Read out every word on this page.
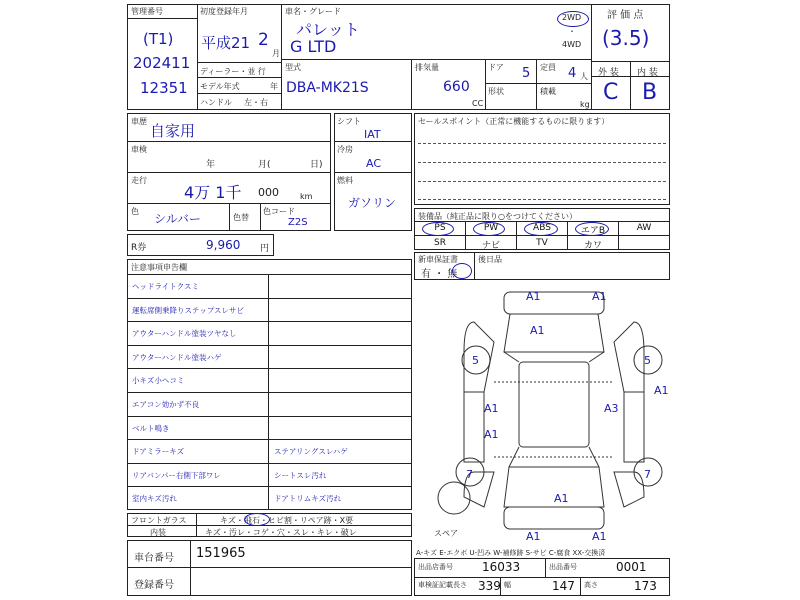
管理番号
(T1)
202411
12351
初度登録年月
平成21 2
月
ディーラー・並 行
モデル年式	年
ハンドル 左・右
車名・グレード
パレット
G LTD
2WD
・
4WD
評 価 点
(3.5)
型式
DBA-MK21S
排気量
660
CC
ドア 5 定員 4 人
形状	積載
kg
外 装 内 装
C B
車歴
自家用
車検
年	月(	日)
走行
4万 1千 000	km
色
シルバー	色替
色コード
Z2S
シフト
IAT
冷房
AC
燃料
ガソリン
R券	9,960 円
セールスポイント（正常に機能するものに限ります）
装備品（純正品に限り○をつけてください）
PS	PW	ABS	エアB	AW
SR	ナビ	TV	カワ
新車保証書
有 ・ 無
後日品
注意事項申告欄
ヘッドライトクスミ
運転席側乗降りステップスレサビ
アウターハンドル塗装ツヤなし
アウターハンドル塗装ハゲ
小キズ小ヘコミ
エアコン効かず不良
ベルト鳴き
ドアミラーキズ	ステアリングスレハゲ
リアバンパー右側下部ワレ	シートスレ汚れ
室内キズ汚れ	ドアトリムキズ汚れ
フロントガラス	キズ・飛石・ヒビ割・リペア跡・X要
内装	キズ・汚レ・コゲ・穴・スレ・キレ・破レ
車台番号 151965
登録番号
A1	A1
A1
5	5
A1
A1
A3
A1
7	7
A1
A1	A1
スペア
A-キズ E-エクボ U-凹み W-補修跡 S-サビ C-腐食 XX-交換済
出品店番号 16033	出品番号	0001
車検証記載長さ 339 幅	147 高さ	173
